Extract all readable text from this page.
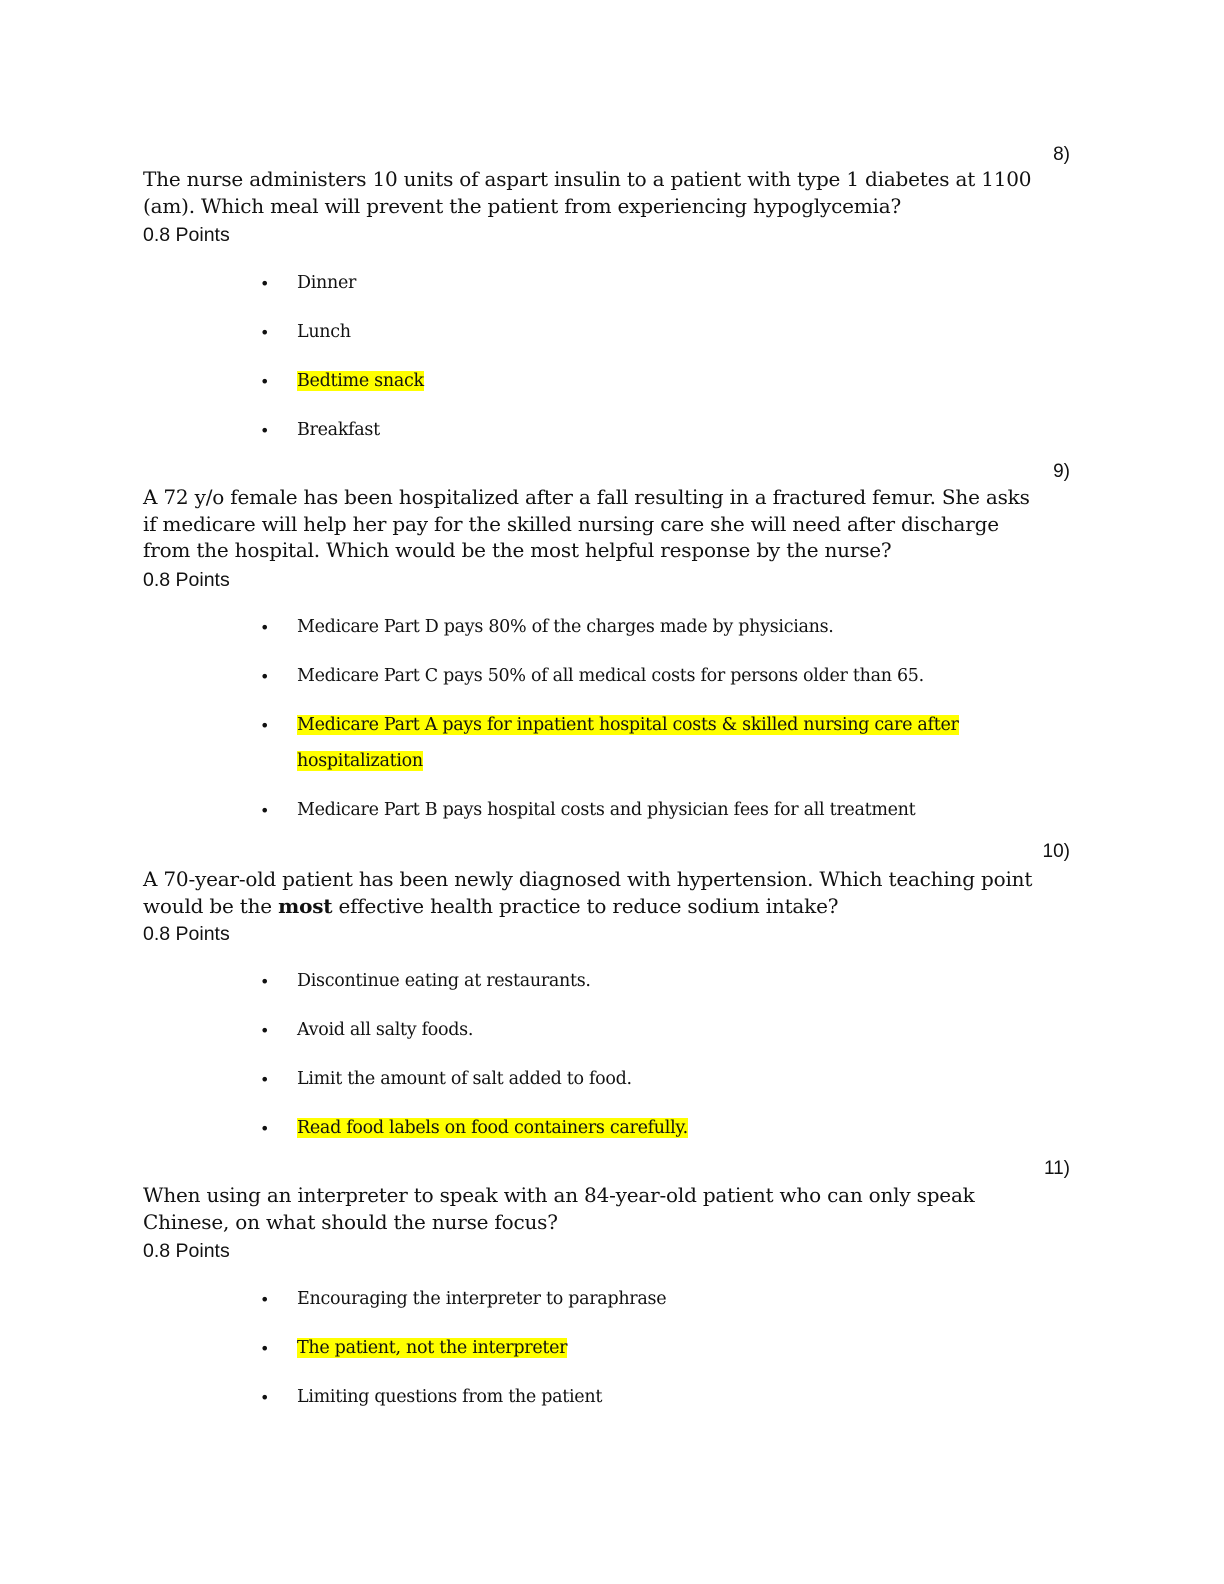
8)
The nurse administers 10 units of aspart insulin to a patient with type 1 diabetes at 1100 (am). Which meal will prevent the patient from experiencing hypoglycemia?
0.8 Points
• Dinner
• Lunch
• Bedtime snack
• Breakfast
9)
A 72 y/o female has been hospitalized after a fall resulting in a fractured femur. She asks if medicare will help her pay for the skilled nursing care she will need after discharge from the hospital. Which would be the most helpful response by the nurse?
0.8 Points
• Medicare Part D pays 80% of the charges made by physicians.
• Medicare Part C pays 50% of all medical costs for persons older than 65.
• Medicare Part A pays for inpatient hospital costs & skilled nursing care after hospitalization
• Medicare Part B pays hospital costs and physician fees for all treatment
10)
A 70-year-old patient has been newly diagnosed with hypertension. Which teaching point would be the most effective health practice to reduce sodium intake?
0.8 Points
• Discontinue eating at restaurants.
• Avoid all salty foods.
• Limit the amount of salt added to food.
• Read food labels on food containers carefully.
11)
When using an interpreter to speak with an 84-year-old patient who can only speak Chinese, on what should the nurse focus?
0.8 Points
• Encouraging the interpreter to paraphrase
• The patient, not the interpreter
• Limiting questions from the patient
